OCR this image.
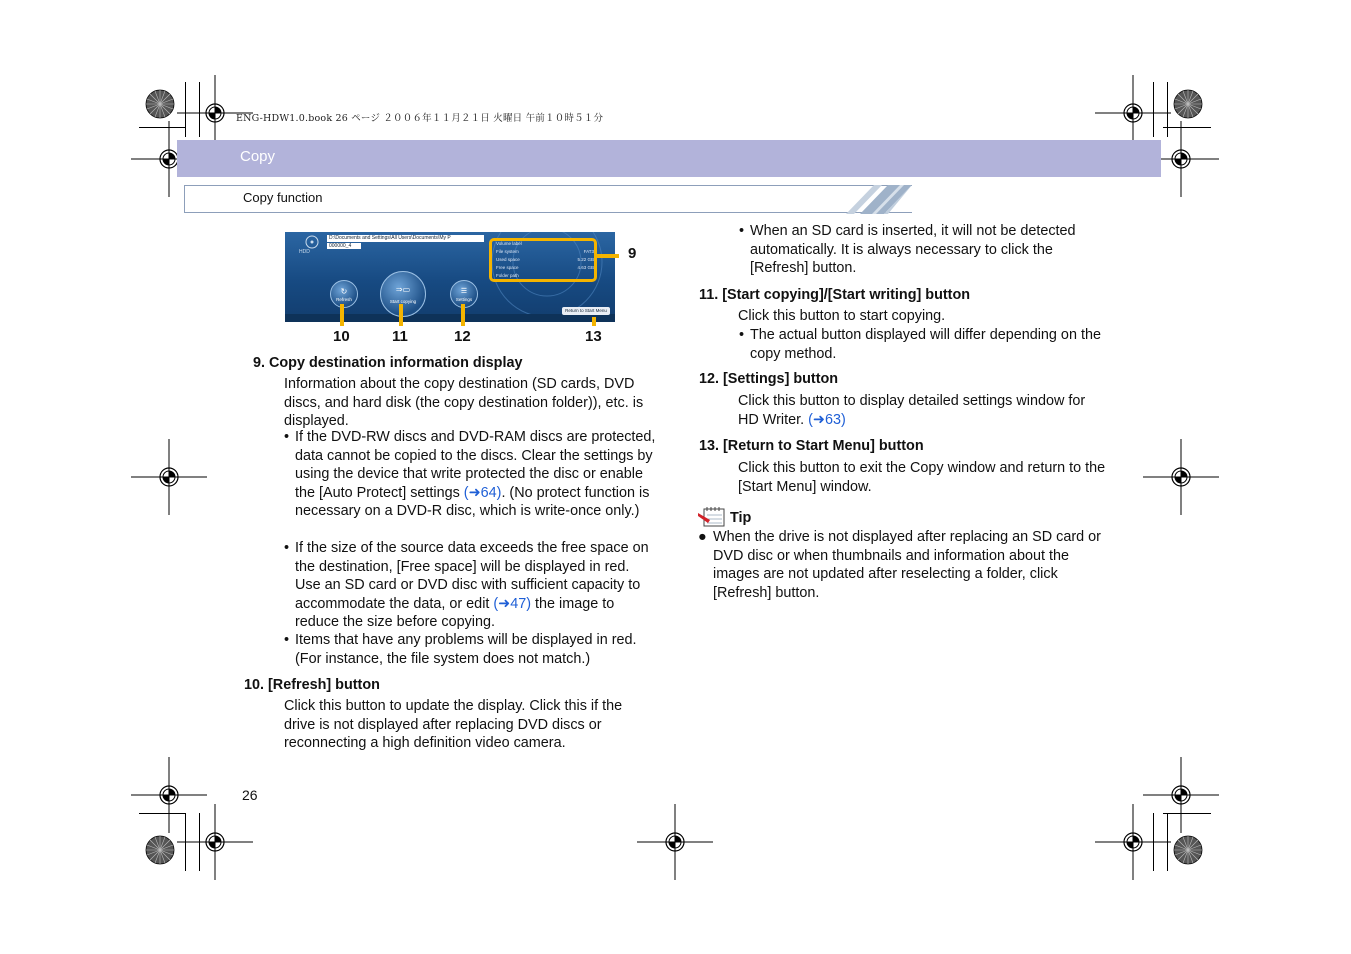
ENG-HDW1.0.book 26 ページ ２００６年１１月２１日 火曜日 午前１０時５１分
Copy
Copy function
HDD
D:\Documents and Settings\All Users\Documents\My P
000000_4	Volume label
File system
Used space
Free space
Folder path
FAT3
5.22 GB
4.63 GB
↻
Refresh
⇒▭
Start copying
☰
Settings
Return to Start Menu
9
10	11	12	13
9. Copy destination information display
Information about the copy destination (SD cards, DVD discs, and hard disk (the copy destination folder)), etc. is displayed.
• If the DVD-RW discs and DVD-RAM discs are protected, data cannot be copied to the discs. Clear the settings by using the device that write protected the disc or enable the [Auto Protect] settings (➜64). (No protect function is necessary on a DVD-R disc, which is write-once only.)
• If the size of the source data exceeds the free space on the destination, [Free space] will be displayed in red. Use an SD card or DVD disc with sufficient capacity to accommodate the data, or edit (➜47) the image to reduce the size before copying.
• Items that have any problems will be displayed in red. (For instance, the file system does not match.)
10. [Refresh] button
Click this button to update the display. Click this if the drive is not displayed after replacing DVD discs or reconnecting a high definition video camera.
• When an SD card is inserted, it will not be detected automatically. It is always necessary to click the [Refresh] button.
11. [Start copying]/[Start writing] button
Click this button to start copying.
• The actual button displayed will differ depending on the copy method.
12. [Settings] button
Click this button to display detailed settings window for HD Writer. (➜63)
13. [Return to Start Menu] button
Click this button to exit the Copy window and return to the [Start Menu] window.
Tip
● When the drive is not displayed after replacing an SD card or DVD disc or when thumbnails and information about the images are not updated after reselecting a folder, click [Refresh] button.
26
